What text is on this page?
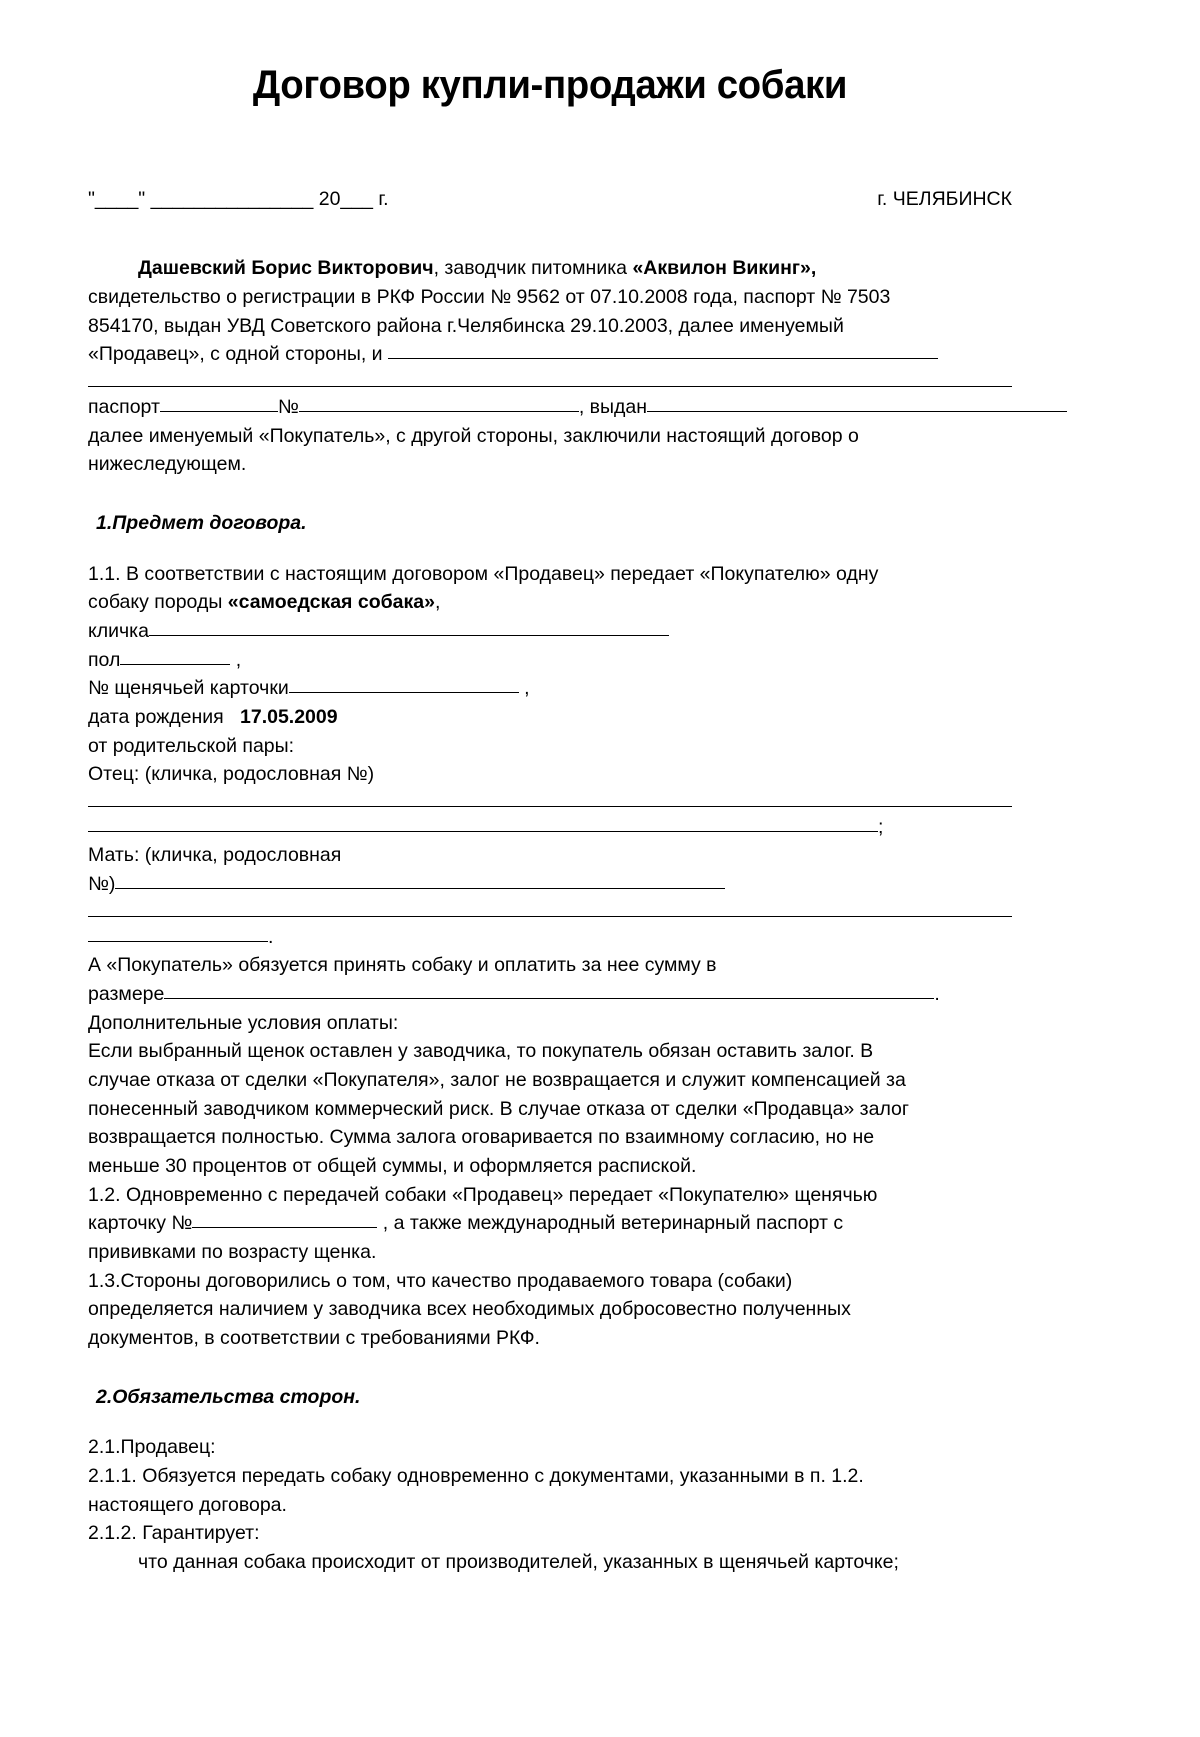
Договор купли-продажи собаки
"____" _______________ 20___ г.	г. ЧЕЛЯБИНСК

Дашевский Борис Викторович, заводчик питомника «Аквилон Викинг»,
свидетельство о регистрации в РКФ России № 9562 от 07.10.2008 года, паспорт № 7503
854170, выдан УВД Советского района г.Челябинска 29.10.2003, далее именуемый
«Продавец», с одной стороны, и

паспорт	№	, выдан

далее именуемый «Покупатель», с другой стороны, заключили настоящий договор о
нижеследующем.

1.Предмет договора.

1.1. В соответствии с настоящим договором «Продавец» передает «Покупателю» одну
собаку породы «самоедская собака»,

кличка

пол	,

№ щенячьей карточки	,

дата рождения 17.05.2009

от родительской пары:

Отец: (кличка, родословная №)

;

Мать: (кличка, родословная
№)

.

А «Покупатель» обязуется принять собаку и оплатить за нее сумму в

размере	.

Дополнительные условия оплаты:

Если выбранный щенок оставлен у заводчика, то покупатель обязан оставить залог. В
случае отказа от сделки «Покупателя», залог не возвращается и служит компенсацией за
понесенный заводчиком коммерческий риск. В случае отказа от сделки «Продавца» залог
возвращается полностью. Сумма залога оговаривается по взаимному согласию, но не
меньше 30 процентов от общей суммы, и оформляется распиской.

1.2. Одновременно с передачей собаки «Продавец» передает «Покупателю» щенячью
карточку №	, а также международный ветеринарный паспорт с
прививками по возрасту щенка.

1.3.Стороны договорились о том, что качество продаваемого товара (собаки)
определяется наличием у заводчика всех необходимых добросовестно полученных
документов, в соответствии с требованиями РКФ.

2.Обязательства сторон.

2.1.Продавец:
2.1.1. Обязуется передать собаку одновременно с документами, указанными в п. 1.2.
настоящего договора.
2.1.2. Гарантирует:
что данная собака происходит от производителей, указанных в щенячьей карточке;
